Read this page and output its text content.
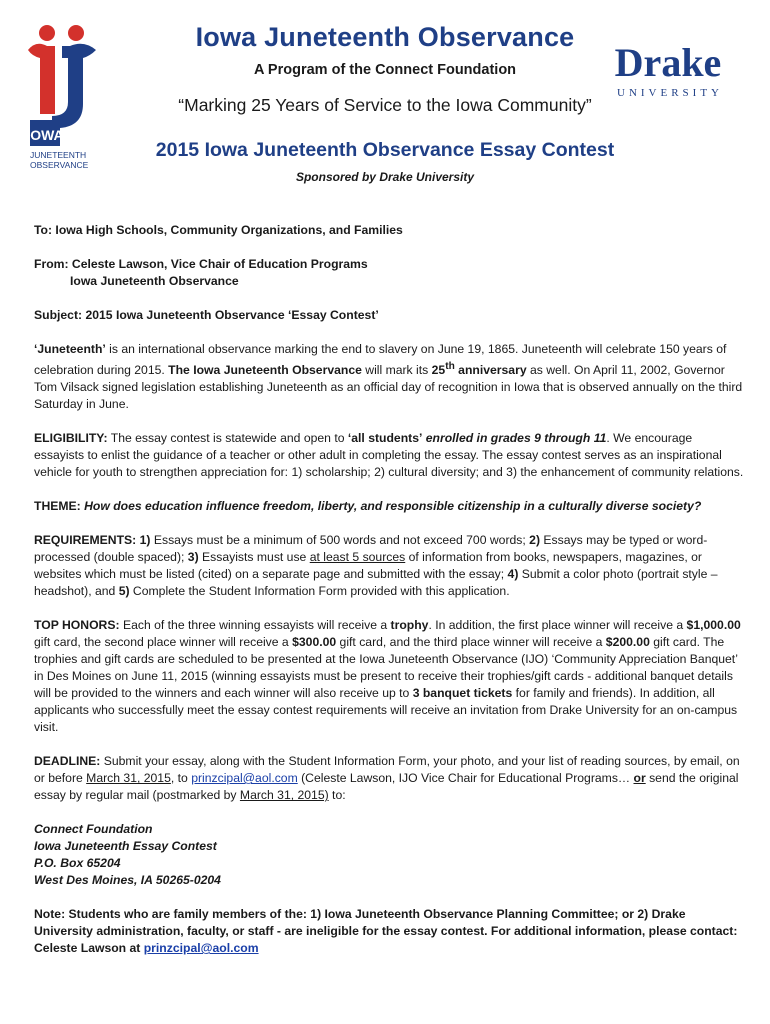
IOWA
JUNETEENTH
OBSERVANCE
Drake
UNIVERSITY
Iowa Juneteenth Observance
A Program of the Connect Foundation
“Marking 25 Years of Service to the Iowa Community”
2015 Iowa Juneteenth Observance Essay Contest
Sponsored by Drake University

To: Iowa High Schools, Community Organizations, and Families

From: Celeste Lawson, Vice Chair of Education Programs
Iowa Juneteenth Observance

Subject: 2015 Iowa Juneteenth Observance ‘Essay Contest’

‘Juneteenth’ is an international observance marking the end to slavery on June 19, 1865. Juneteenth will celebrate 150 years of celebration during 2015. The Iowa Juneteenth Observance will mark its 25th anniversary as well. On April 11, 2002, Governor Tom Vilsack signed legislation establishing Juneteenth as an official day of recognition in Iowa that is observed annually on the third Saturday in June.

ELIGIBILITY: The essay contest is statewide and open to ‘all students’ enrolled in grades 9 through 11. We encourage essayists to enlist the guidance of a teacher or other adult in completing the essay. The essay contest serves as an inspirational vehicle for youth to strengthen appreciation for: 1) scholarship; 2) cultural diversity; and 3) the enhancement of community relations.

THEME: How does education influence freedom, liberty, and responsible citizenship in a culturally diverse society?

REQUIREMENTS: 1) Essays must be a minimum of 500 words and not exceed 700 words; 2) Essays may be typed or word-processed (double spaced); 3) Essayists must use at least 5 sources of information from books, newspapers, magazines, or websites which must be listed (cited) on a separate page and submitted with the essay; 4) Submit a color photo (portrait style – headshot), and 5) Complete the Student Information Form provided with this application.

TOP HONORS: Each of the three winning essayists will receive a trophy. In addition, the first place winner will receive a $1,000.00 gift card, the second place winner will receive a $300.00 gift card, and the third place winner will receive a $200.00 gift card. The trophies and gift cards are scheduled to be presented at the Iowa Juneteenth Observance (IJO) ‘Community Appreciation Banquet’ in Des Moines on June 11, 2015 (winning essayists must be present to receive their trophies/gift cards - additional banquet details will be provided to the winners and each winner will also receive up to 3 banquet tickets for family and friends). In addition, all applicants who successfully meet the essay contest requirements will receive an invitation from Drake University for an on-campus visit.

DEADLINE: Submit your essay, along with the Student Information Form, your photo, and your list of reading sources, by email, on or before March 31, 2015, to prinzcipal@aol.com (Celeste Lawson, IJO Vice Chair for Educational Programs… or send the original essay by regular mail (postmarked by March 31, 2015) to:

Connect Foundation

Iowa Juneteenth Essay Contest

P.O. Box 65204

West Des Moines, IA 50265-0204

Note: Students who are family members of the: 1) Iowa Juneteenth Observance Planning Committee; or 2) Drake University administration, faculty, or staff - are ineligible for the essay contest. For additional information, please contact: Celeste Lawson at prinzcipal@aol.com
